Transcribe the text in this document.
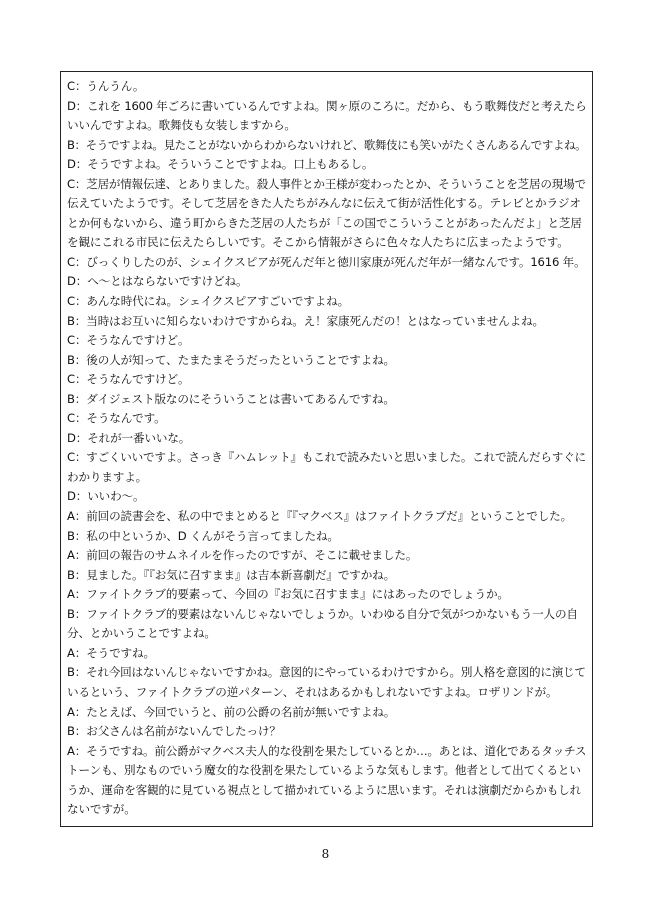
C：うんうん。
D：これを 1600 年ごろに書いているんですよね。関ヶ原のころに。だから、もう歌舞伎だと考えたら
いいんですよね。歌舞伎も女装しますから。
B：そうですよね。見たことがないからわからないけれど、歌舞伎にも笑いがたくさんあるんですよね。
D：そうですよね。そういうことですよね。口上もあるし。
C：芝居が情報伝達、とありました。殺人事件とか王様が変わったとか、そういうことを芝居の現場で
伝えていたようです。そして芝居をきた人たちがみんなに伝えて街が活性化する。テレビとかラジオ
とか何もないから、違う町からきた芝居の人たちが「この国でこういうことがあったんだよ」と芝居
を観にこれる市民に伝えたらしいです。そこから情報がさらに色々な人たちに広まったようです。
C：びっくりしたのが、シェイクスピアが死んだ年と徳川家康が死んだ年が一緒なんです。1616 年。
D：へ～とはならないですけどね。
C：あんな時代にね。シェイクスピアすごいですよね。
B：当時はお互いに知らないわけですからね。え！家康死んだの！とはなっていませんよね。
C：そうなんですけど。
B：後の人が知って、たまたまそうだったということですよね。
C：そうなんですけど。
B：ダイジェスト版なのにそういうことは書いてあるんですね。
C：そうなんです。
D：それが一番いいな。
C：すごくいいですよ。さっき『ハムレット』もこれで読みたいと思いました。これで読んだらすぐに
わかりますよ。
D：いいわ～。
A：前回の読書会を、私の中でまとめると『『マクベス』はファイトクラブだ』ということでした。
B：私の中というか、D くんがそう言ってましたね。
A：前回の報告のサムネイルを作ったのですが、そこに載せました。
B：見ました。『『お気に召すまま』は吉本新喜劇だ』ですかね。
A：ファイトクラブ的要素って、今回の『お気に召すまま』にはあったのでしょうか。
B：ファイトクラブ的要素はないんじゃないでしょうか。いわゆる自分で気がつかないもう一人の自
分、とかいうことですよね。
A：そうですね。
B：それ今回はないんじゃないですかね。意図的にやっているわけですから。別人格を意図的に演じて
いるという、ファイトクラブの逆パターン、それはあるかもしれないですよね。ロザリンドが。
A：たとえば、今回でいうと、前の公爵の名前が無いですよね。
B：お父さんは名前がないんでしたっけ？
A：そうですね。前公爵がマクベス夫人的な役割を果たしているとか…。あとは、道化であるタッチス
トーンも、別なものでいう魔女的な役割を果たしているような気もします。他者として出てくるとい
うか、運命を客観的に見ている視点として描かれているように思います。それは演劇だからかもしれ
ないですが。
8
